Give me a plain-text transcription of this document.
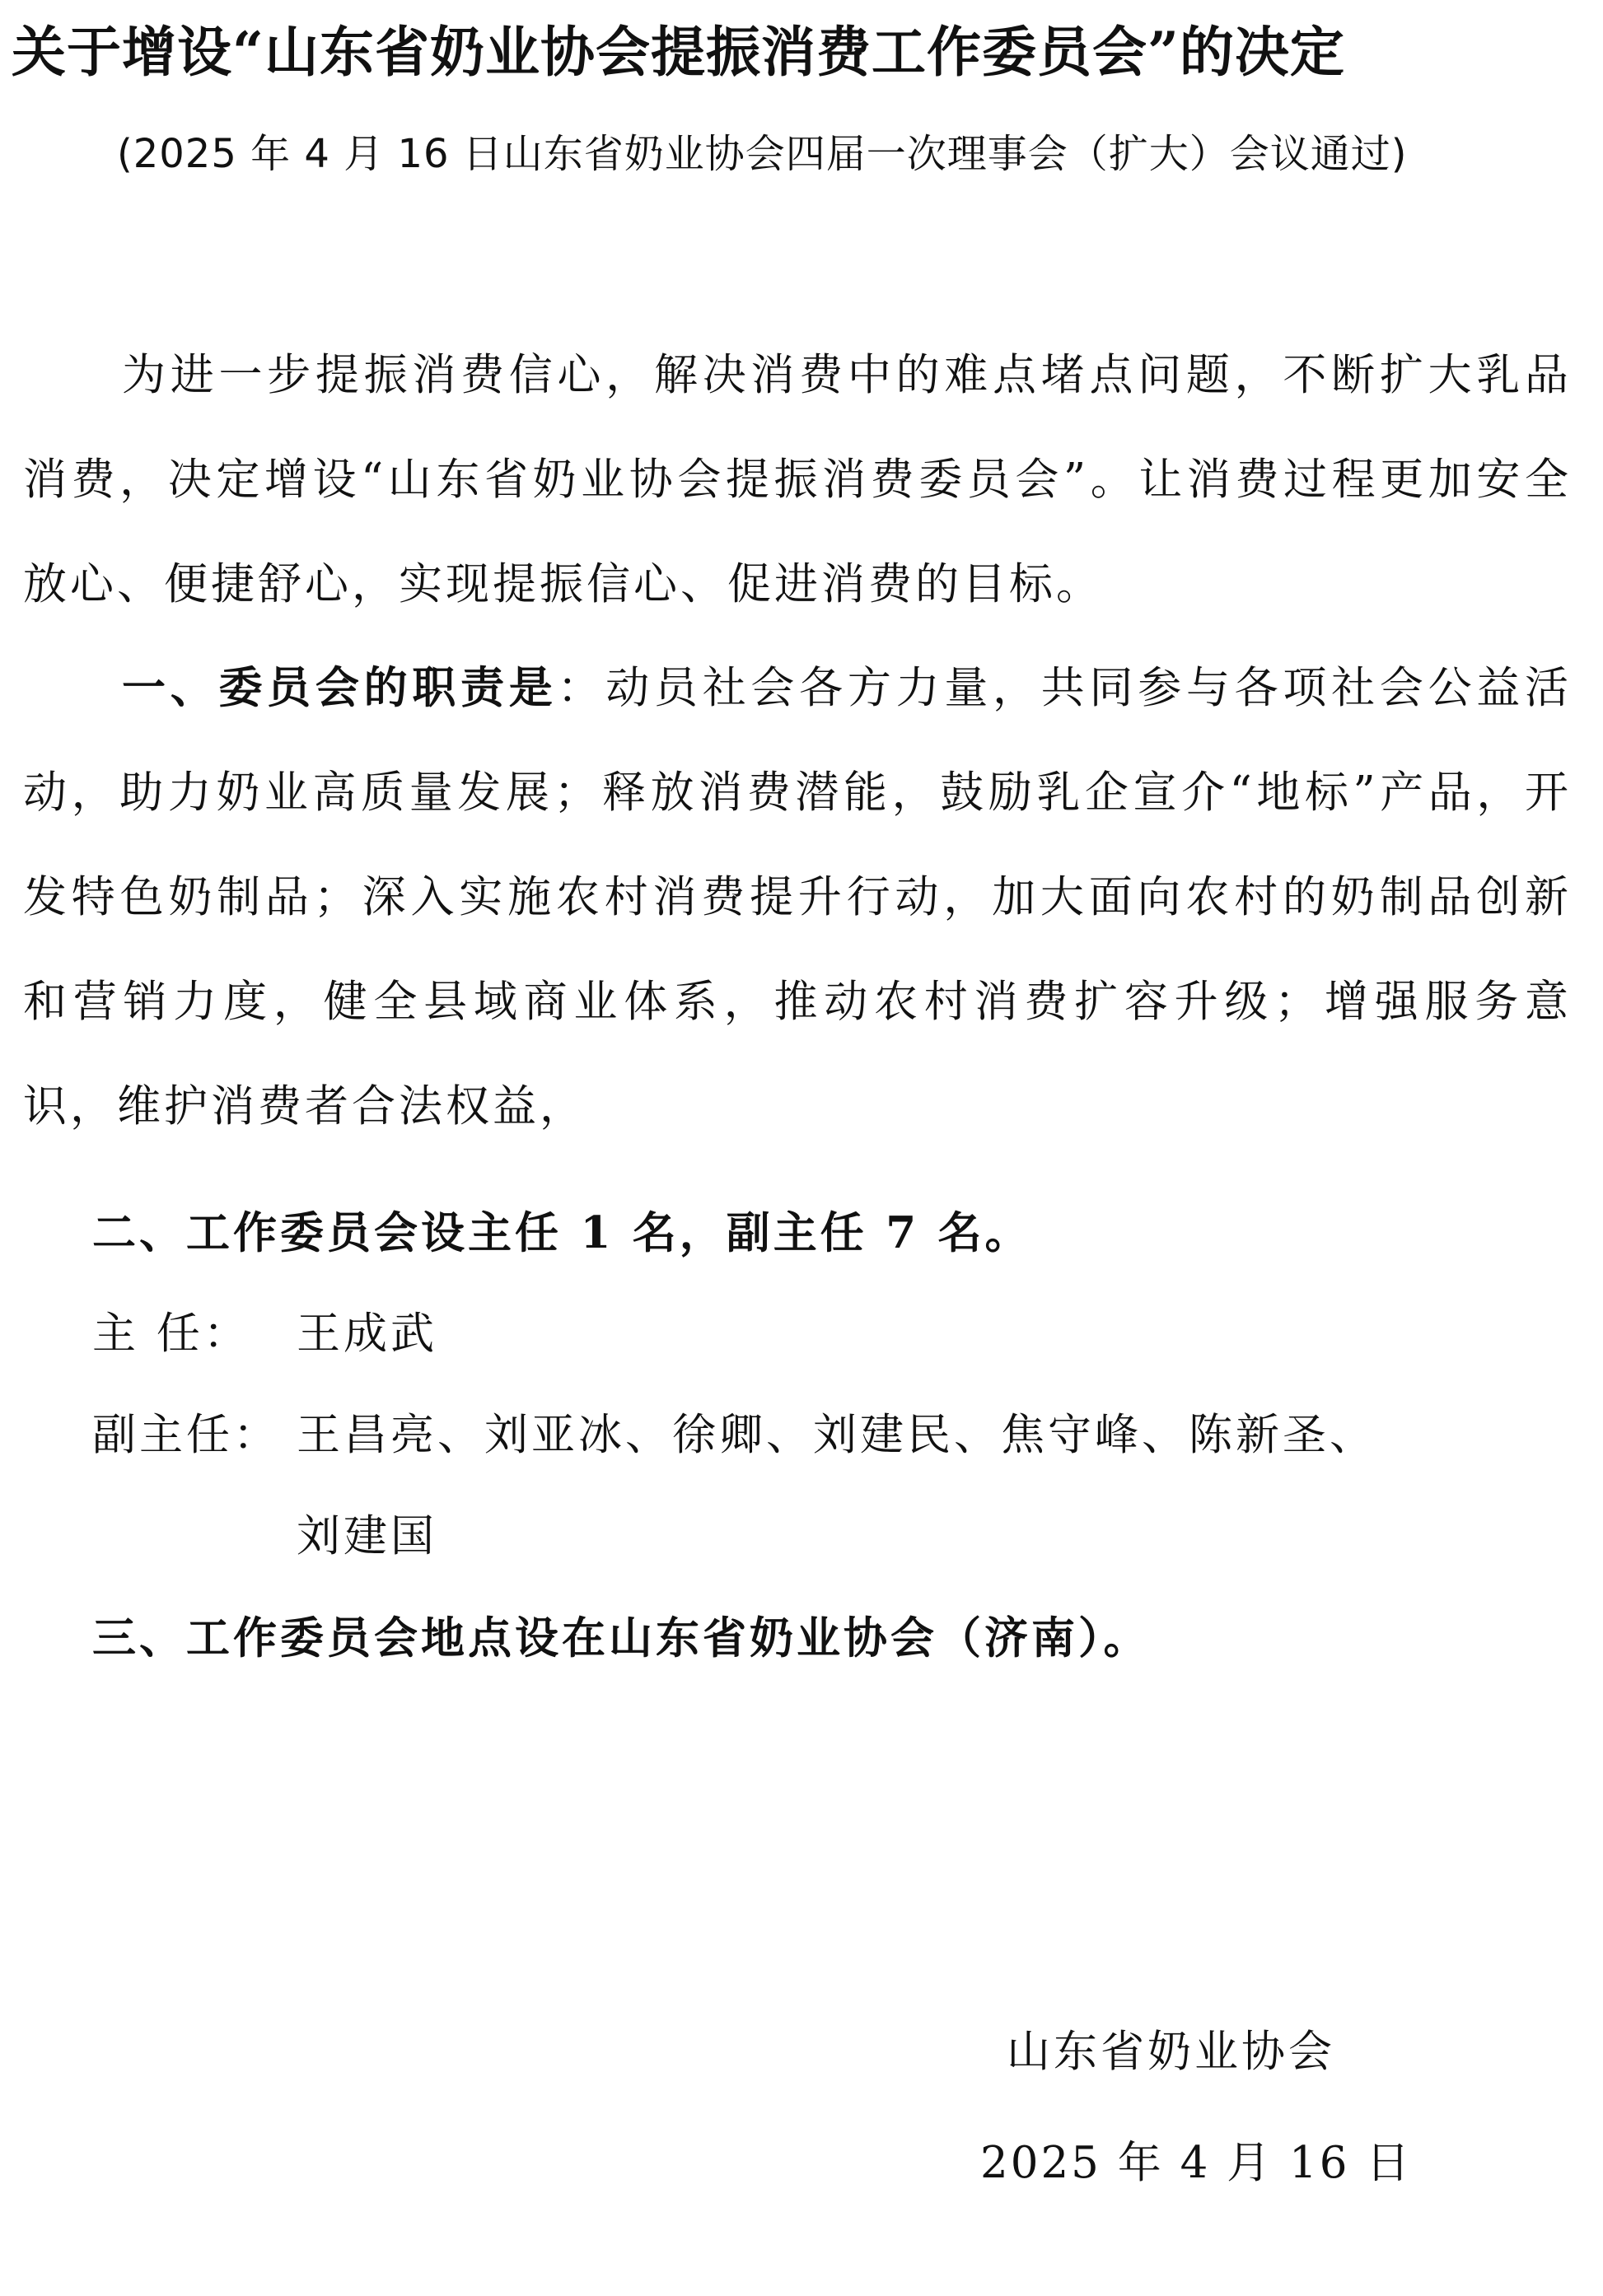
关于增设“山东省奶业协会提振消费工作委员会”的决定

(2025 年 4 月 16 日山东省奶业协会四届一次理事会（扩大）会议通过)

为进一步提振消费信心，解决消费中的难点堵点问题，不断扩大乳品消费，决定增设“山东省奶业协会提振消费委员会”。让消费过程更加安全放心、便捷舒心，实现提振信心、促进消费的目标。

一、委员会的职责是：动员社会各方力量，共同参与各项社会公益活动，助力奶业高质量发展；释放消费潜能，鼓励乳企宣介“地标”产品，开发特色奶制品；深入实施农村消费提升行动，加大面向农村的奶制品创新和营销力度，健全县域商业体系，推动农村消费扩容升级；增强服务意识，维护消费者合法权益，

二、工作委员会设主任 1 名，副主任 7 名。

主 任： 王成武

副主任： 王昌亮、刘亚冰、徐卿、刘建民、焦守峰、陈新圣、

刘建国

三、工作委员会地点设在山东省奶业协会（济南）。

山东省奶业协会

2025 年 4 月 16 日
